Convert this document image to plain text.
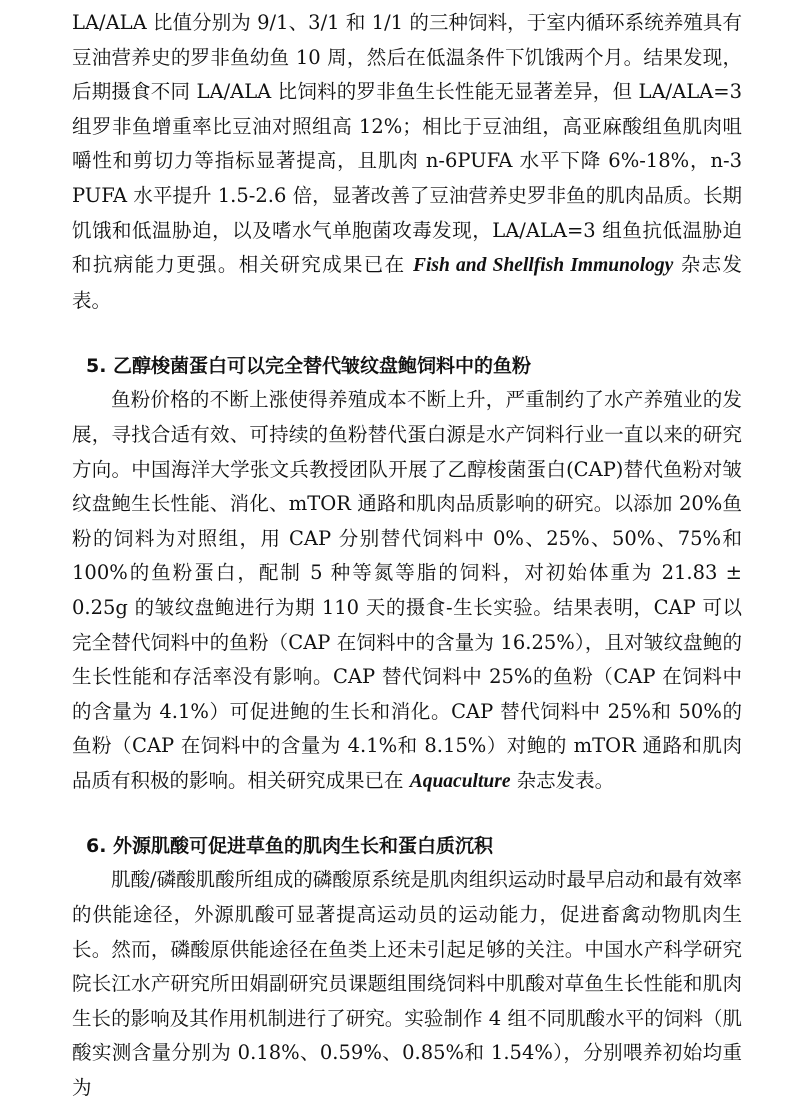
LA/ALA 比值分别为 9/1、3/1 和 1/1 的三种饲料，于室内循环系统养殖具有豆油营养史的罗非鱼幼鱼 10 周，然后在低温条件下饥饿两个月。结果发现，后期摄食不同 LA/ALA 比饲料的罗非鱼生长性能无显著差异，但 LA/ALA=3 组罗非鱼增重率比豆油对照组高 12%；相比于豆油组，高亚麻酸组鱼肌肉咀嚼性和剪切力等指标显著提高，且肌肉 n-6PUFA 水平下降 6%-18%，n-3 PUFA 水平提升 1.5-2.6 倍，显著改善了豆油营养史罗非鱼的肌肉品质。长期饥饿和低温胁迫，以及嗜水气单胞菌攻毒发现，LA/ALA=3 组鱼抗低温胁迫和抗病能力更强。相关研究成果已在 Fish and Shellfish Immunology 杂志发表。

5. 乙醇梭菌蛋白可以完全替代皱纹盘鲍饲料中的鱼粉

鱼粉价格的不断上涨使得养殖成本不断上升，严重制约了水产养殖业的发展，寻找合适有效、可持续的鱼粉替代蛋白源是水产饲料行业一直以来的研究方向。中国海洋大学张文兵教授团队开展了乙醇梭菌蛋白(CAP)替代鱼粉对皱纹盘鲍生长性能、消化、mTOR 通路和肌肉品质影响的研究。以添加 20%鱼粉的饲料为对照组，用 CAP 分别替代饲料中 0%、25%、50%、75%和 100%的鱼粉蛋白，配制 5 种等氮等脂的饲料，对初始体重为 21.83 ± 0.25g 的皱纹盘鲍进行为期 110 天的摄食-生长实验。结果表明，CAP 可以完全替代饲料中的鱼粉（CAP 在饲料中的含量为 16.25%），且对皱纹盘鲍的生长性能和存活率没有影响。CAP 替代饲料中 25%的鱼粉（CAP 在饲料中的含量为 4.1%）可促进鲍的生长和消化。CAP 替代饲料中 25%和 50%的鱼粉（CAP 在饲料中的含量为 4.1%和 8.15%）对鲍的 mTOR 通路和肌肉品质有积极的影响。相关研究成果已在 Aquaculture 杂志发表。

6. 外源肌酸可促进草鱼的肌肉生长和蛋白质沉积

肌酸/磷酸肌酸所组成的磷酸原系统是肌肉组织运动时最早启动和最有效率的供能途径，外源肌酸可显著提高运动员的运动能力，促进畜禽动物肌肉生长。然而，磷酸原供能途径在鱼类上还未引起足够的关注。中国水产科学研究院长江水产研究所田娟副研究员课题组围绕饲料中肌酸对草鱼生长性能和肌肉生长的影响及其作用机制进行了研究。实验制作 4 组不同肌酸水平的饲料（肌酸实测含量分别为 0.18%、0.59%、0.85%和 1.54%），分别喂养初始均重为
